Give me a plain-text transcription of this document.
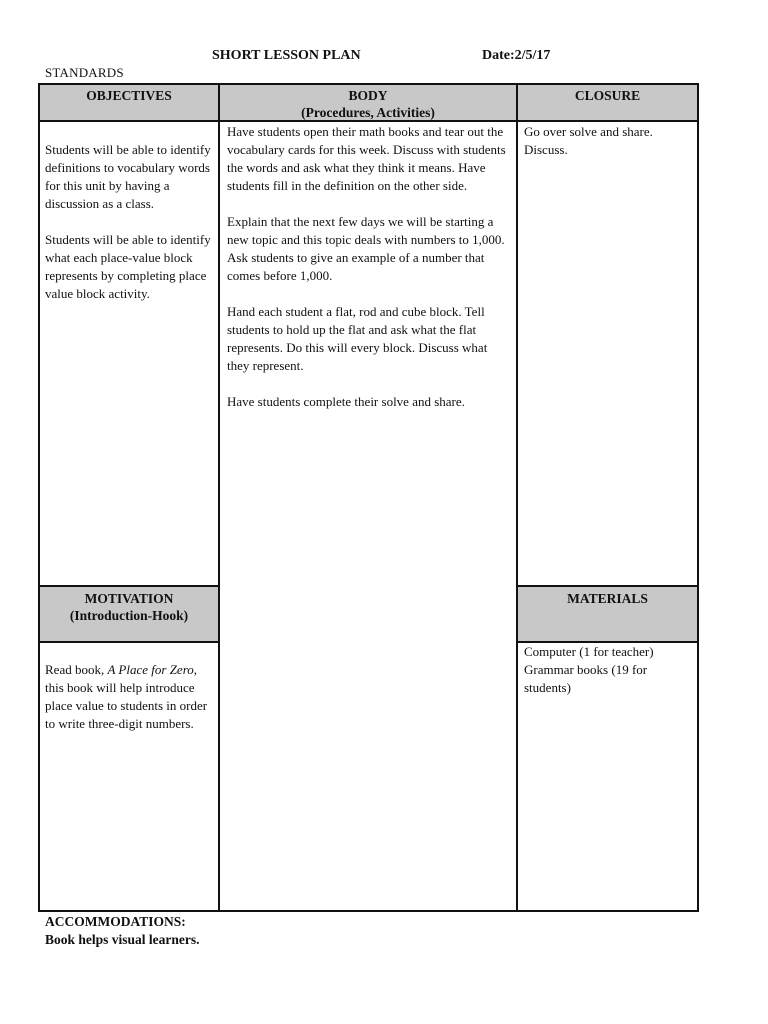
SHORT LESSON PLAN	Date:2/5/17
STANDARDS
OBJECTIVES

Students will be able to identify definitions to vocabulary words for this unit by having a discussion as a class.

Students will be able to identify what each place-value block represents by completing place value block activity.

MOTIVATION
(Introduction-Hook)
Read book, A Place for Zero, this book will help introduce place value to students in order to write three-digit numbers.
BODY
(Procedures, Activities)

Have students open their math books and tear out the vocabulary cards for this week. Discuss with students the words and ask what they think it means. Have students fill in the definition on the other side.

Explain that the next few days we will be starting a new topic and this topic deals with numbers to 1,000. Ask students to give an example of a number that comes before 1,000.

Hand each student a flat, rod and cube block. Tell students to hold up the flat and ask what the flat represents. Do this will every block. Discuss what they represent.

Have students complete their solve and share.

CLOSURE
Go over solve and share. Discuss.
MATERIALS
Computer (1 for teacher)
Grammar books (19 for students)
ACCOMMODATIONS:
Book helps visual learners.
